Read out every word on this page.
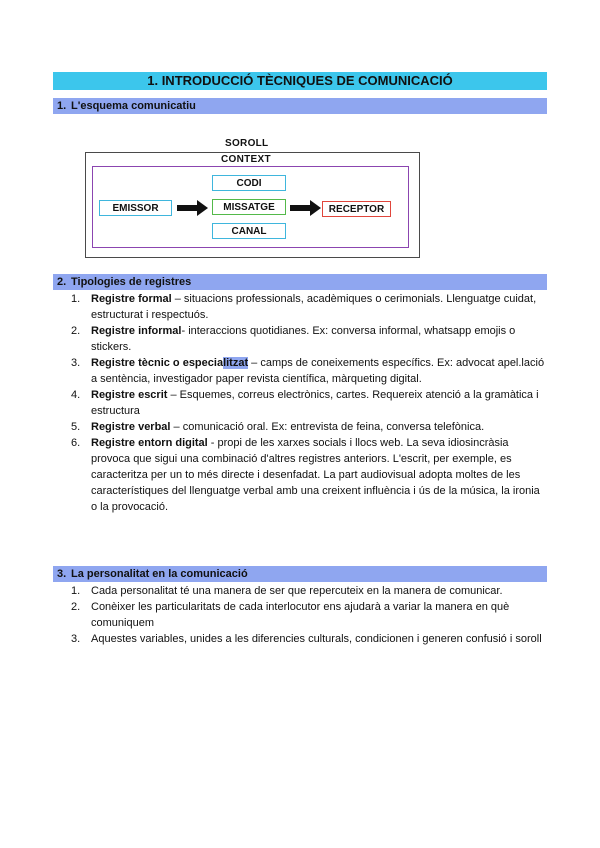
1. INTRODUCCIÓ TÈCNIQUES DE COMUNICACIÓ
1. L'esquema comunicatiu
SOROLL
CONTEXT
CODI
MISSATGE
CANAL
EMISSOR	RECEPTOR
2. Tipologies de registres
1. Registre formal – situacions professionals, acadèmiques o cerimonials. Llenguatge cuidat, estructurat i respectuós.
2. Registre informal- interaccions quotidianes. Ex: conversa informal, whatsapp emojis o stickers.
3. Registre tècnic o especialitzat – camps de coneixements específics. Ex: advocat apel.lació a sentència, investigador paper revista científica, màrqueting digital.
4. Registre escrit – Esquemes, correus electrònics, cartes. Requereix atenció a la gramàtica i estructura
5. Registre verbal – comunicació oral. Ex: entrevista de feina, conversa telefònica.
6. Registre entorn digital - propi de les xarxes socials i llocs web. La seva idiosincràsia provoca que sigui una combinació d'altres registres anteriors. L'escrit, per exemple, es caracteritza per un to més directe i desenfadat. La part audiovisual adopta moltes de les característiques del llenguatge verbal amb una creixent influència i ús de la música, la ironia o la provocació.
3. La personalitat en la comunicació
1. Cada personalitat té una manera de ser que repercuteix en la manera de comunicar.
2. Conèixer les particularitats de cada interlocutor ens ajudarà a variar la manera en què comuniquem
3. Aquestes variables, unides a les diferencies culturals, condicionen i generen confusió i soroll
